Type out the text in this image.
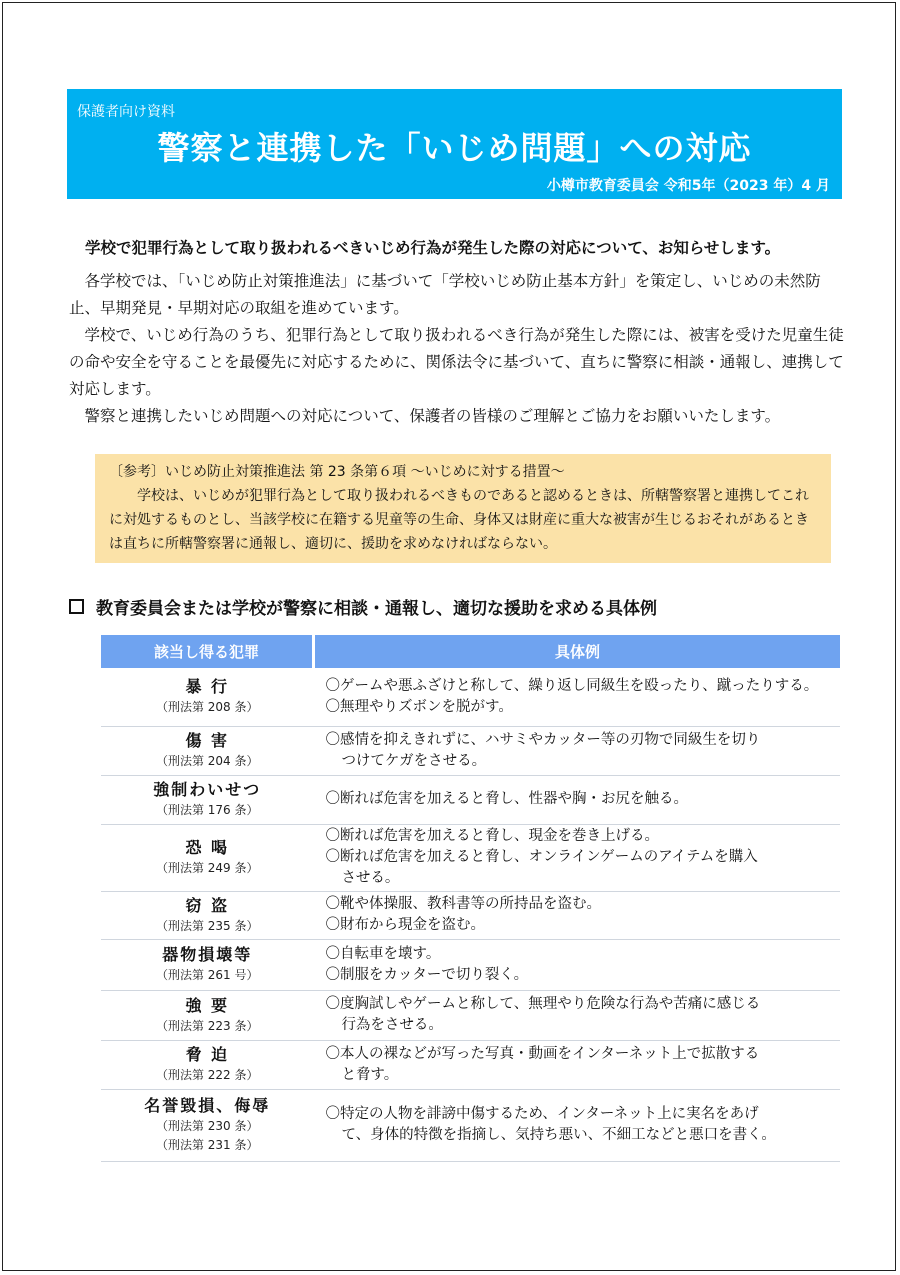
保護者向け資料
警察と連携した「いじめ問題」への対応
小樽市教育委員会 令和5年（2023 年）4 月
学校で犯罪行為として取り扱われるべきいじめ行為が発生した際の対応について、お知らせします。

各学校では、「いじめ防止対策推進法」に基づいて「学校いじめ防止基本方針」を策定し、いじめの未然防止、早期発見・早期対応の取組を進めています。

学校で、いじめ行為のうち、犯罪行為として取り扱われるべき行為が発生した際には、被害を受けた児童生徒の命や安全を守ることを最優先に対応するために、関係法令に基づいて、直ちに警察に相談・通報し、連携して対応します。

警察と連携したいじめ問題への対応について、保護者の皆様のご理解とご協力をお願いいたします。

〔参考〕いじめ防止対策推進法 第 23 条第６項 ～いじめに対する措置～

学校は、いじめが犯罪行為として取り扱われるべきものであると認めるときは、所轄警察署と連携してこれに対処するものとし、当該学校に在籍する児童等の生命、身体又は財産に重大な被害が生じるおそれがあるときは直ちに所轄警察署に通報し、適切に、援助を求めなければならない。

教育委員会または学校が警察に相談・通報し、適切な援助を求める具体例
該当し得る犯罪	具体例

暴 行
（刑法第 208 条）	〇ゲームや悪ふざけと称して、繰り返し同級生を殴ったり、蹴ったりする。
〇無理やりズボンを脱がす。

傷 害
（刑法第 204 条）	〇感情を抑えきれずに、ハサミやカッター等の刃物で同級生を切り
つけてケガをさせる。

強制わいせつ
（刑法第 176 条）	〇断れば危害を加えると脅し、性器や胸・お尻を触る。

恐 喝
（刑法第 249 条）	〇断れば危害を加えると脅し、現金を巻き上げる。
〇断れば危害を加えると脅し、オンラインゲームのアイテムを購入
させる。

窃 盗
（刑法第 235 条）	〇靴や体操服、教科書等の所持品を盗む。
〇財布から現金を盗む。

器物損壊等
（刑法第 261 号）	〇自転車を壊す。
〇制服をカッターで切り裂く。

強 要
（刑法第 223 条）	〇度胸試しやゲームと称して、無理やり危険な行為や苦痛に感じる
行為をさせる。

脅 迫
（刑法第 222 条）	〇本人の裸などが写った写真・動画をインターネット上で拡散する
と脅す。

名誉毀損、侮辱
（刑法第 230 条）
（刑法第 231 条）	〇特定の人物を誹謗中傷するため、インターネット上に実名をあげ
て、身体的特徴を指摘し、気持ち悪い、不細工などと悪口を書く。
